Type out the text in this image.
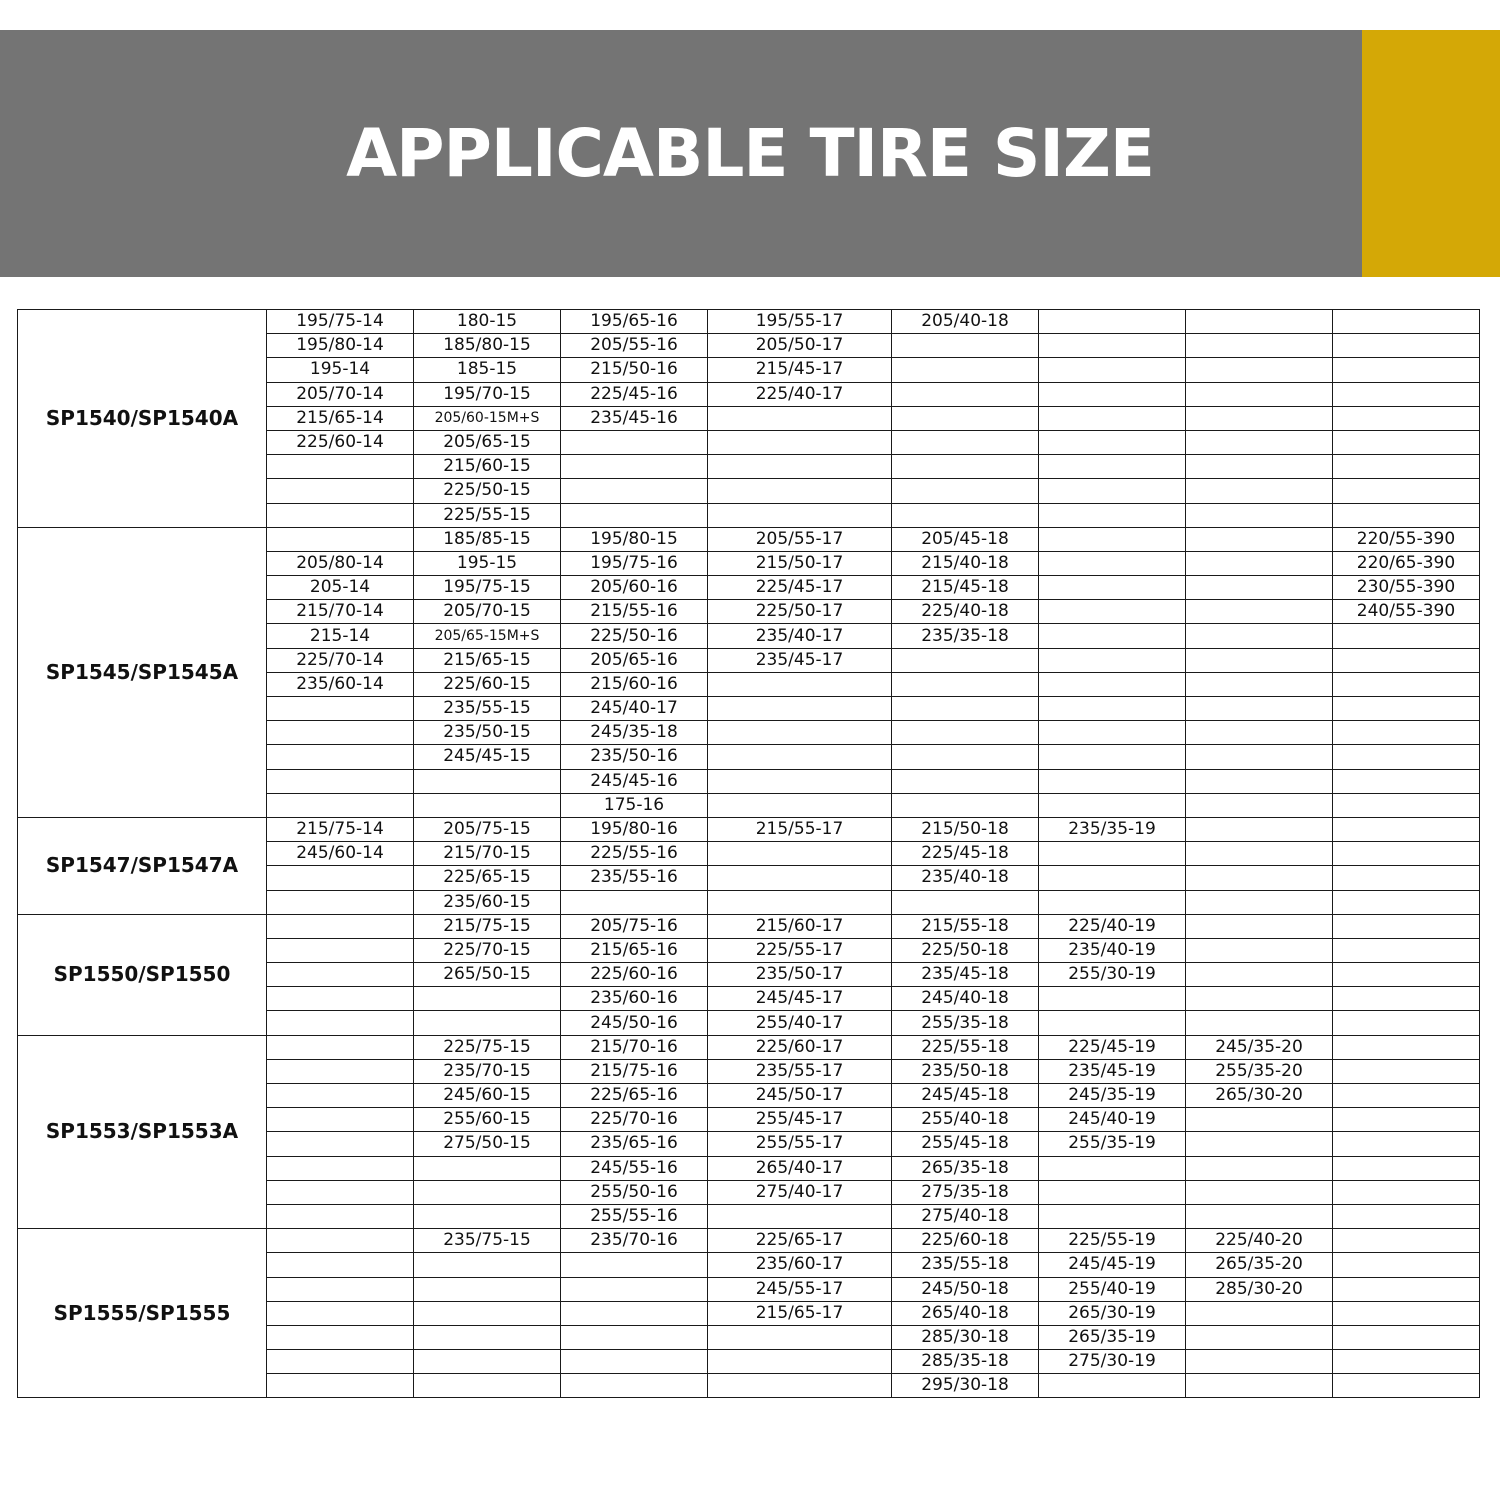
APPLICABLE TIRE SIZE
SP1540/SP1540A	195/75-14	180-15	195/65-16	195/55-17	205/40-18			
	195/80-14	185/80-15	205/55-16	205/50-17				
	195-14	185-15	215/50-16	215/45-17				
	205/70-14	195/70-15	225/45-16	225/40-17				
	215/65-14	205/60-15M+S	235/45-16					
	225/60-14	205/65-15						
		215/60-15						
		225/50-15						
		225/55-15						
SP1545/SP1545A		185/85-15	195/80-15	205/55-17	205/45-18			220/55-390
	205/80-14	195-15	195/75-16	215/50-17	215/40-18			220/65-390
	205-14	195/75-15	205/60-16	225/45-17	215/45-18			230/55-390
	215/70-14	205/70-15	215/55-16	225/50-17	225/40-18			240/55-390
	215-14	205/65-15M+S	225/50-16	235/40-17	235/35-18			
	225/70-14	215/65-15	205/65-16	235/45-17				
	235/60-14	225/60-15	215/60-16					
		235/55-15	245/40-17					
		235/50-15	245/35-18					
		245/45-15	235/50-16					
			245/45-16					
			175-16					
SP1547/SP1547A	215/75-14	205/75-15	195/80-16	215/55-17	215/50-18	235/35-19		
	245/60-14	215/70-15	225/55-16		225/45-18			
		225/65-15	235/55-16		235/40-18			
		235/60-15						
SP1550/SP1550		215/75-15	205/75-16	215/60-17	215/55-18	225/40-19		
		225/70-15	215/65-16	225/55-17	225/50-18	235/40-19		
		265/50-15	225/60-16	235/50-17	235/45-18	255/30-19		
			235/60-16	245/45-17	245/40-18			
			245/50-16	255/40-17	255/35-18			
SP1553/SP1553A		225/75-15	215/70-16	225/60-17	225/55-18	225/45-19	245/35-20	
		235/70-15	215/75-16	235/55-17	235/50-18	235/45-19	255/35-20	
		245/60-15	225/65-16	245/50-17	245/45-18	245/35-19	265/30-20	
		255/60-15	225/70-16	255/45-17	255/40-18	245/40-19		
		275/50-15	235/65-16	255/55-17	255/45-18	255/35-19		
			245/55-16	265/40-17	265/35-18			
			255/50-16	275/40-17	275/35-18			
			255/55-16		275/40-18			
SP1555/SP1555		235/75-15	235/70-16	225/65-17	225/60-18	225/55-19	225/40-20	
				235/60-17	235/55-18	245/45-19	265/35-20	
				245/55-17	245/50-18	255/40-19	285/30-20	
				215/65-17	265/40-18	265/30-19		
					285/30-18	265/35-19		
					285/35-18	275/30-19		
					295/30-18			
